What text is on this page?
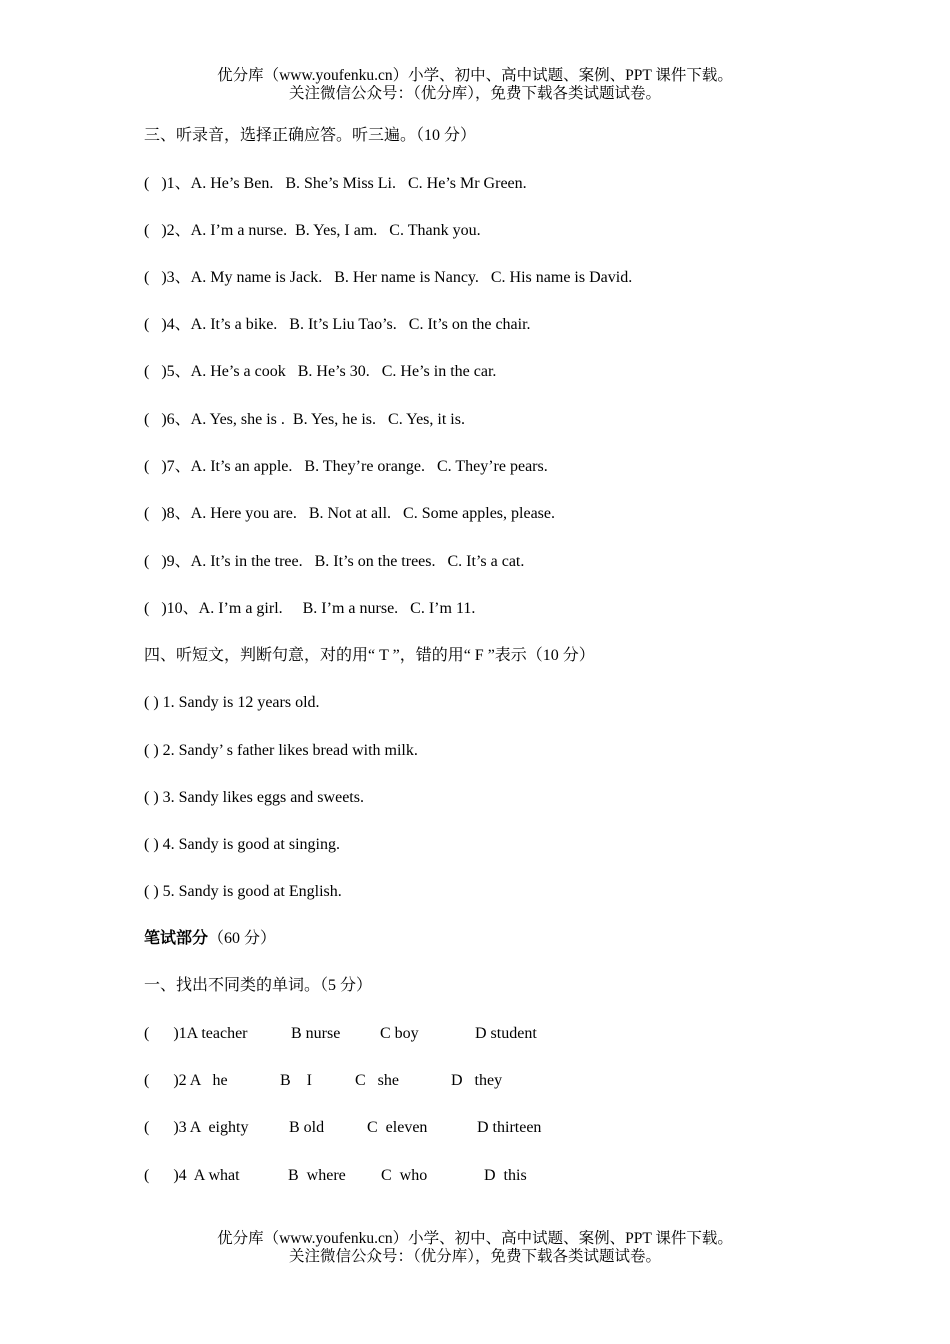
优分库（www.youfenku.cn）小学、初中、高中试题、案例、PPT 课件下载。
关注微信公众号：（优分库），免费下载各类试题试卷。
三、听录音，选择正确应答。听三遍。（10 分）
(   )1、A. He’s Ben.   B. She’s Miss Li.   C. He’s Mr Green.
(   )2、A. I’m a nurse.  B. Yes, I am.   C. Thank you.
(   )3、A. My name is Jack.   B. Her name is Nancy.   C. His name is David.
(   )4、A. It’s a bike.   B. It’s Liu Tao’s.   C. It’s on the chair.
(   )5、A. He’s a cook   B. He’s 30.   C. He’s in the car.
(   )6、A. Yes, she is .  B. Yes, he is.   C. Yes, it is.
(   )7、A. It’s an apple.   B. They’re orange.   C. They’re pears.
(   )8、A. Here you are.   B. Not at all.   C. Some apples, please.
(   )9、A. It’s in the tree.   B. It’s on the trees.   C. It’s a cat.
(   )10、A. I’m a girl.     B. I’m a nurse.   C. I’m 11.
四、听短文，判断句意，对的用“ T ”，错的用“ F ”表示（10 分）
( ) 1. Sandy is 12 years old.
( ) 2. Sandy’ s father likes bread with milk.
( ) 3. Sandy likes eggs and sweets.
( ) 4. Sandy is good at singing.
( ) 5. Sandy is good at English.
笔试部分（60 分）
一、找出不同类的单词。（5 分）
(      )1A teacher	B nurse C boy	D student
(      )2 A   he	B    I	C   she	D   they
(      )3 A  eighty	B old	C  eleven	D thirteen
(      )4  A what	B  where C  who	D  this
优分库（www.youfenku.cn）小学、初中、高中试题、案例、PPT 课件下载。
关注微信公众号：（优分库），免费下载各类试题试卷。
